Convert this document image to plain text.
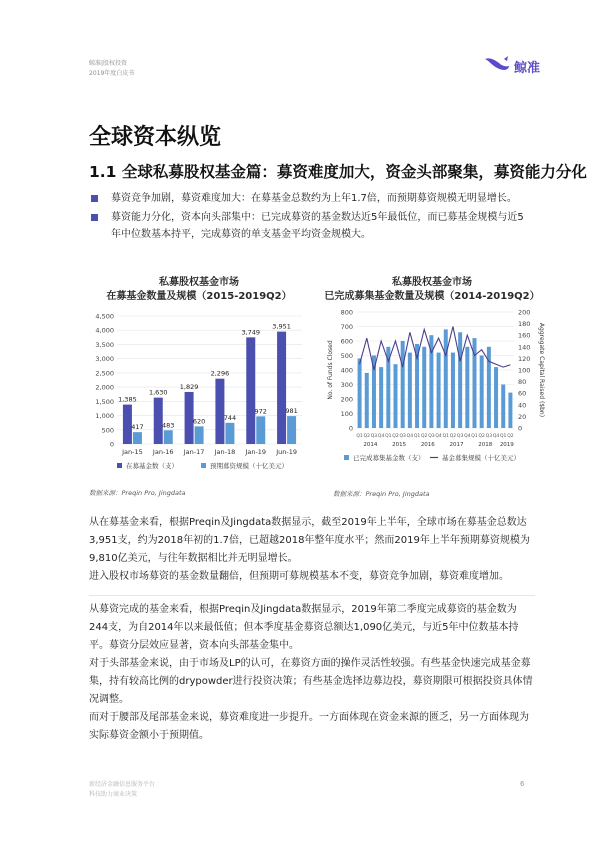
鲸准|股权投资
2019年度白皮书	鲸准
全球资本纵览
1.1 全球私募股权基金篇：募资难度加大，资金头部聚集，募资能力分化
募资竞争加剧，募资难度加大：在募基金总数约为上年1.7倍，而预期募资规模无明显增长。
募资能力分化，资本向头部集中：已完成募资的基金数达近5年最低位，而已募基金规模与近5年中位数基本持平，完成募资的单支基金平均资金规模大。
私募股权基金市场
在募基金数量及规模（2015-2019Q2）
0
500
1,000
1,500
2,000
2,500
3,000
3,500
4,000
4,500
1,385
417
Jan-15
1,630
483
Jan-16
1,829
620
Jan-17
2,296
744
Jan-18
3,749
972
Jan-19
3,951
981
Jun-19
在募基金数（支）	预期募资规模（十亿美元）
数据来源：Preqin Pro, Jingdata
私募股权基金市场
已完成募集基金数量及规模（2014-2019Q2）
0
100
200
300
400
500
600
700
800
0
20
40
60
80
100
120
140
160
180
200
No. of Funds Closed	Aggregate Capital Raised ($bn)
Q1 Q2 Q3 Q4 Q1 Q2 Q3 Q4 Q1 Q2 Q3 Q4 Q1 Q2 Q3 Q4 Q1 Q2 Q3 Q4 Q1 Q2
2014	2015	2016	2017	2018 2019
已完成募集基金数（支）	基金募集规模（十亿美元）
数据来源：Preqin Pro, Jingdata

从在募基金来看，根据Preqin及Jingdata数据显示，截至2019年上半年，全球市场在募基金总数达3,951支，约为2018年初的1.7倍，已超越2018年整年度水平；然而2019年上半年预期募资规模为9,810亿美元，与往年数据相比并无明显增长。

进入股权市场募资的基金数量翻倍，但预期可募规模基本不变，募资竞争加剧，募资难度增加。

从募资完成的基金来看，根据Preqin及Jingdata数据显示，2019年第二季度完成募资的基金数为244支，为自2014年以来最低值；但本季度基金募资总额达1,090亿美元，与近5年中位数基本持平。募资分层效应显著，资本向头部基金集中。

对于头部基金来说，由于市场及LP的认可，在募资方面的操作灵活性较强。有些基金快速完成基金募集，持有较高比例的drypowder进行投资决策；有些基金选择边募边投，募资期限可根据投资具体情况调整。

而对于腰部及尾部基金来说，募资难度进一步提升。一方面体现在资金来源的匮乏，另一方面体现为实际募资金额小于预期值。

新经济金融信息服务平台
科技助力商业决策
6
